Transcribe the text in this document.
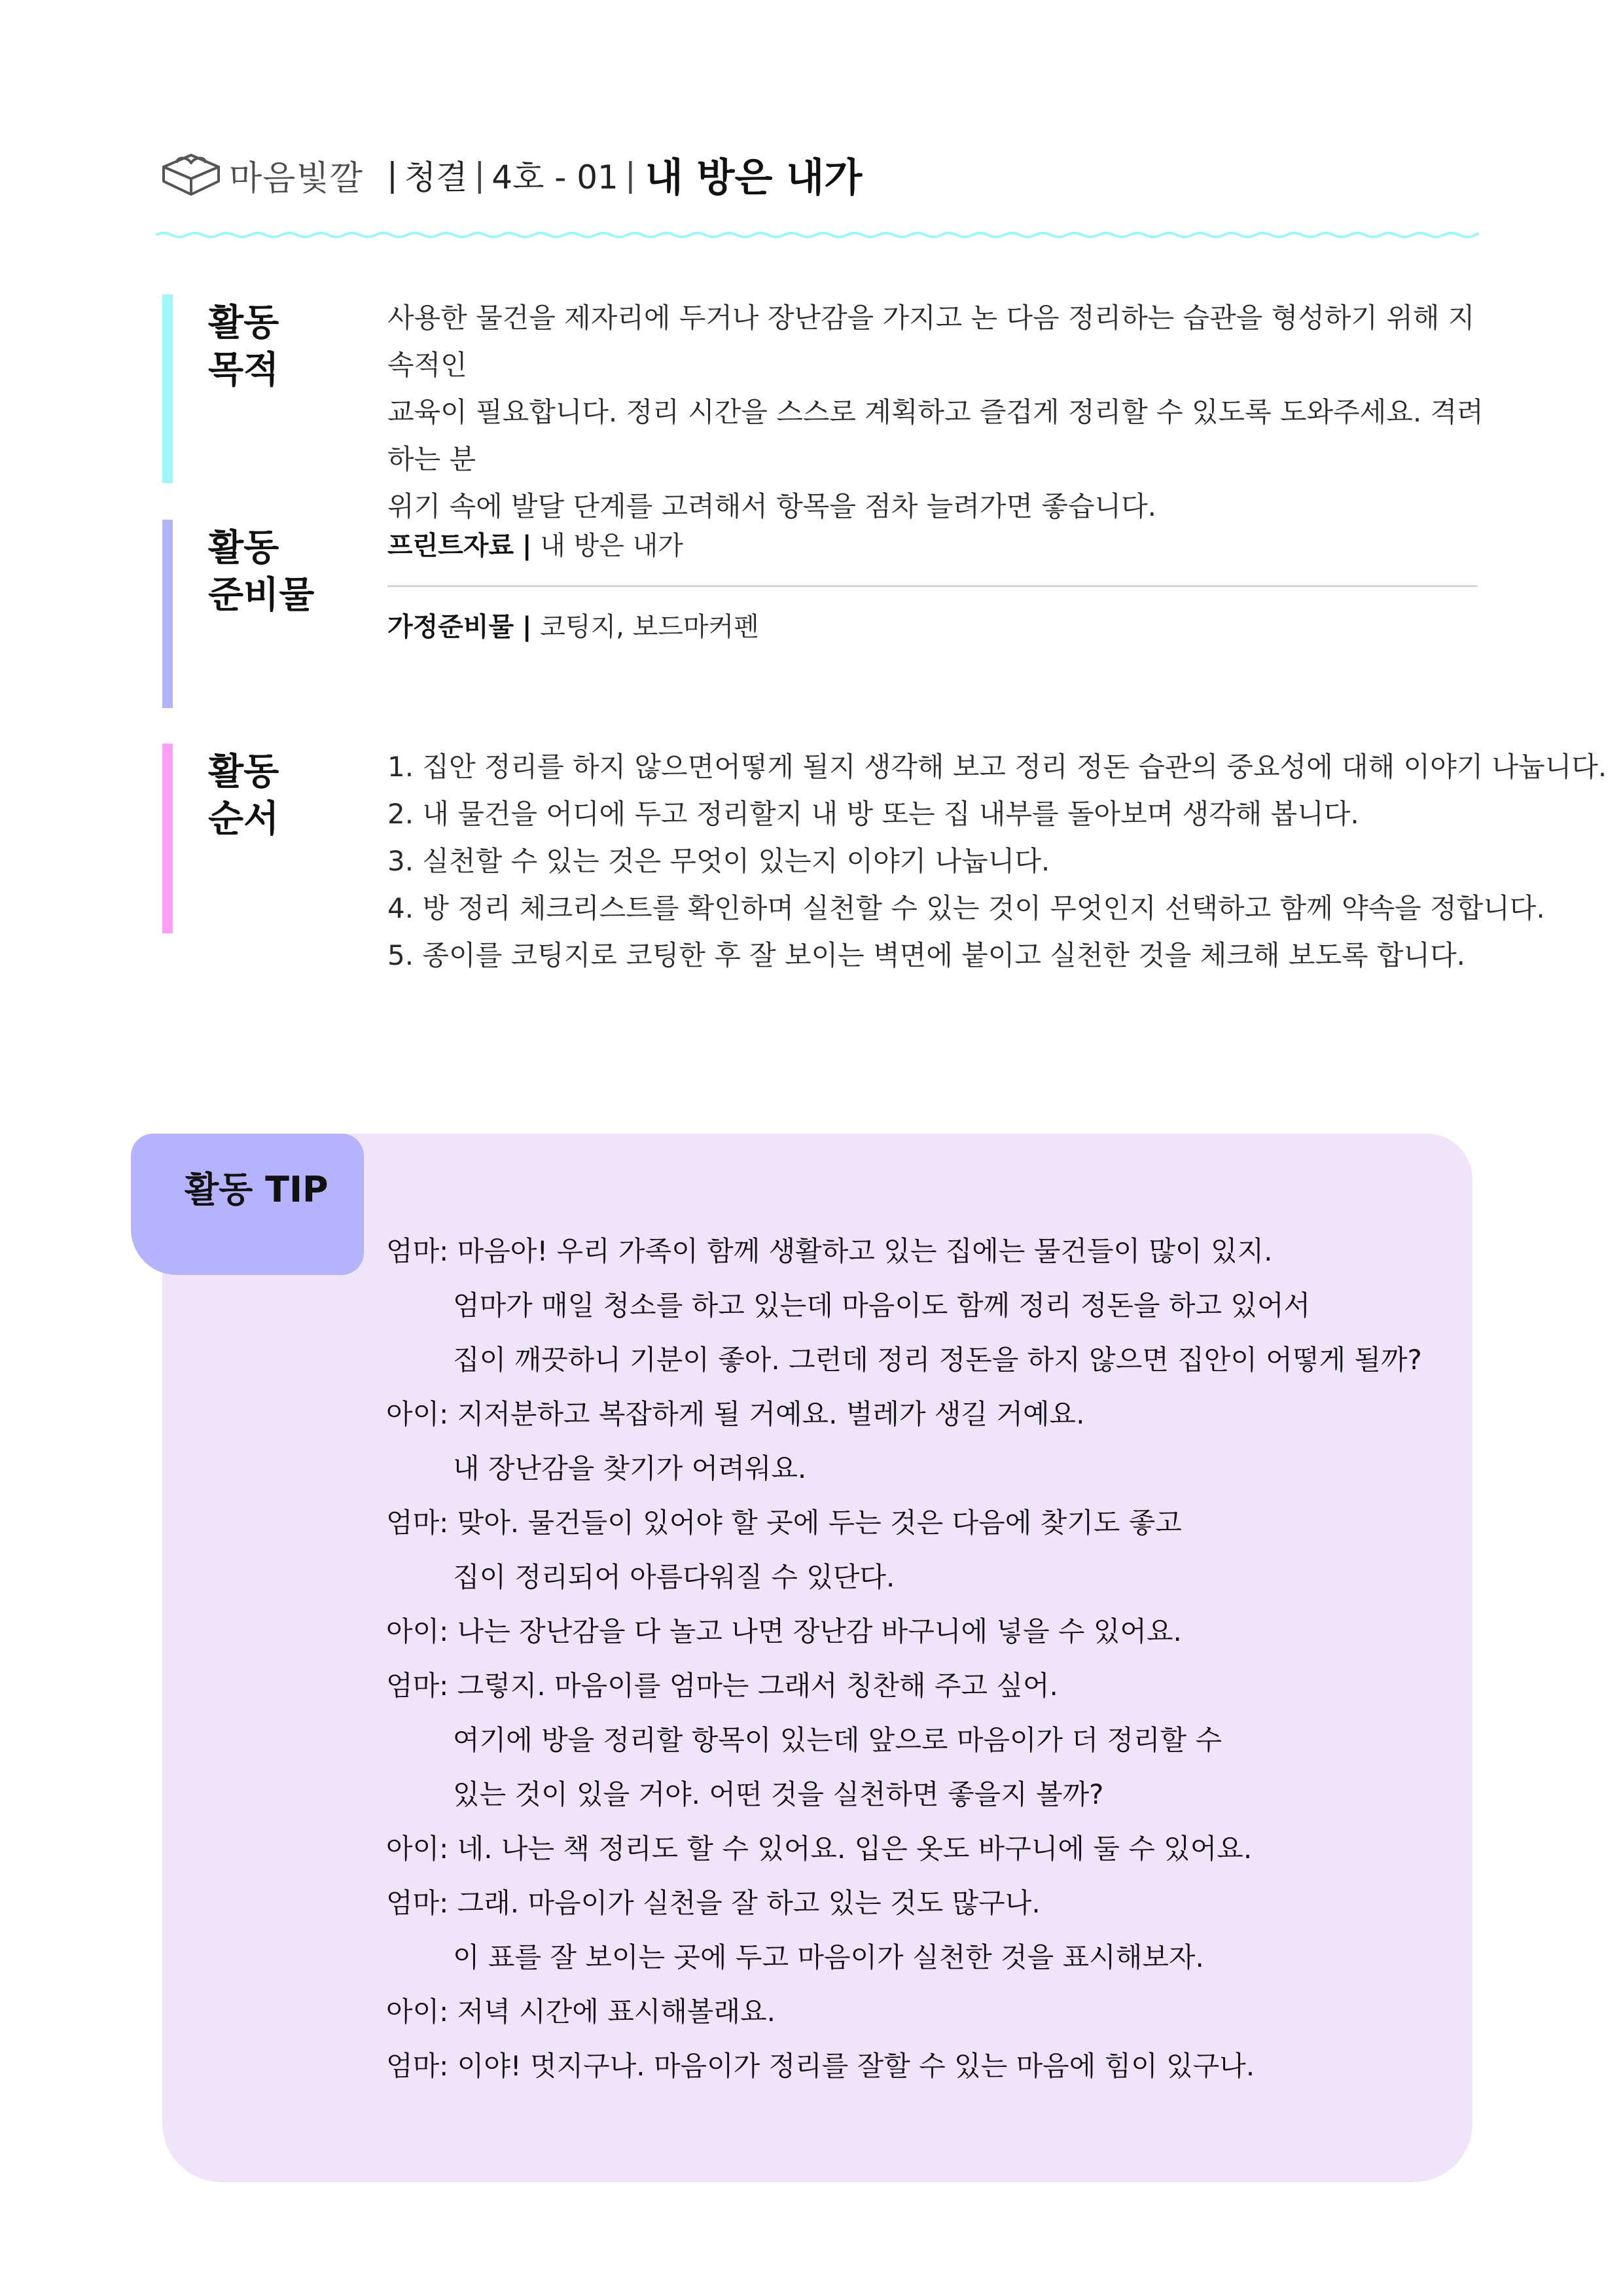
마음빛깔 | 청결 | 4호 - 01 | 내 방은 내가
활동
목적
사용한 물건을 제자리에 두거나 장난감을 가지고 논 다음 정리하는 습관을 형성하기 위해 지속적인
교육이 필요합니다. 정리 시간을 스스로 계획하고 즐겁게 정리할 수 있도록 도와주세요. 격려하는 분
위기 속에 발달 단계를 고려해서 항목을 점차 늘려가면 좋습니다.
활동
준비물
프린트자료 | 내 방은 내가
가정준비물 | 코팅지, 보드마커펜
활동
순서
1. 집안 정리를 하지 않으면어떻게 될지 생각해 보고 정리 정돈 습관의 중요성에 대해 이야기 나눕니다.
2. 내 물건을 어디에 두고 정리할지 내 방 또는 집 내부를 돌아보며 생각해 봅니다.
3. 실천할 수 있는 것은 무엇이 있는지 이야기 나눕니다.
4. 방 정리 체크리스트를 확인하며 실천할 수 있는 것이 무엇인지 선택하고 함께 약속을 정합니다.
5. 종이를 코팅지로 코팅한 후 잘 보이는 벽면에 붙이고 실천한 것을 체크해 보도록 합니다.
활동 TIP
엄마: 마음아! 우리 가족이 함께 생활하고 있는 집에는 물건들이 많이 있지.
엄마가 매일 청소를 하고 있는데 마음이도 함께 정리 정돈을 하고 있어서
집이 깨끗하니 기분이 좋아. 그런데 정리 정돈을 하지 않으면 집안이 어떻게 될까?
아이: 지저분하고 복잡하게 될 거예요. 벌레가 생길 거예요.
내 장난감을 찾기가 어려워요.
엄마: 맞아. 물건들이 있어야 할 곳에 두는 것은 다음에 찾기도 좋고
집이 정리되어 아름다워질 수 있단다.
아이: 나는 장난감을 다 놀고 나면 장난감 바구니에 넣을 수 있어요.
엄마: 그렇지. 마음이를 엄마는 그래서 칭찬해 주고 싶어.
여기에 방을 정리할 항목이 있는데 앞으로 마음이가 더 정리할 수
있는 것이 있을 거야. 어떤 것을 실천하면 좋을지 볼까?
아이: 네. 나는 책 정리도 할 수 있어요. 입은 옷도 바구니에 둘 수 있어요.
엄마: 그래. 마음이가 실천을 잘 하고 있는 것도 많구나.
이 표를 잘 보이는 곳에 두고 마음이가 실천한 것을 표시해보자.
아이: 저녁 시간에 표시해볼래요.
엄마: 이야! 멋지구나. 마음이가 정리를 잘할 수 있는 마음에 힘이 있구나.
